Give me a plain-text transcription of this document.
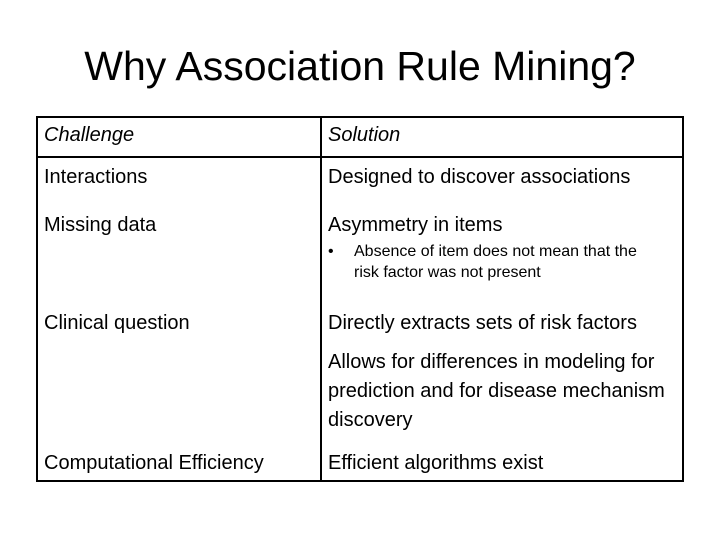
Why Association Rule Mining?
Challenge	Solution
Interactions	Designed to discover associations
Missing data	Asymmetry in items
• Absence of item does not mean that the risk factor was not present
Clinical question	Directly extracts sets of risk factors
Allows for differences in modeling for prediction and for disease mechanism discovery
Computational Efficiency	Efficient algorithms exist
